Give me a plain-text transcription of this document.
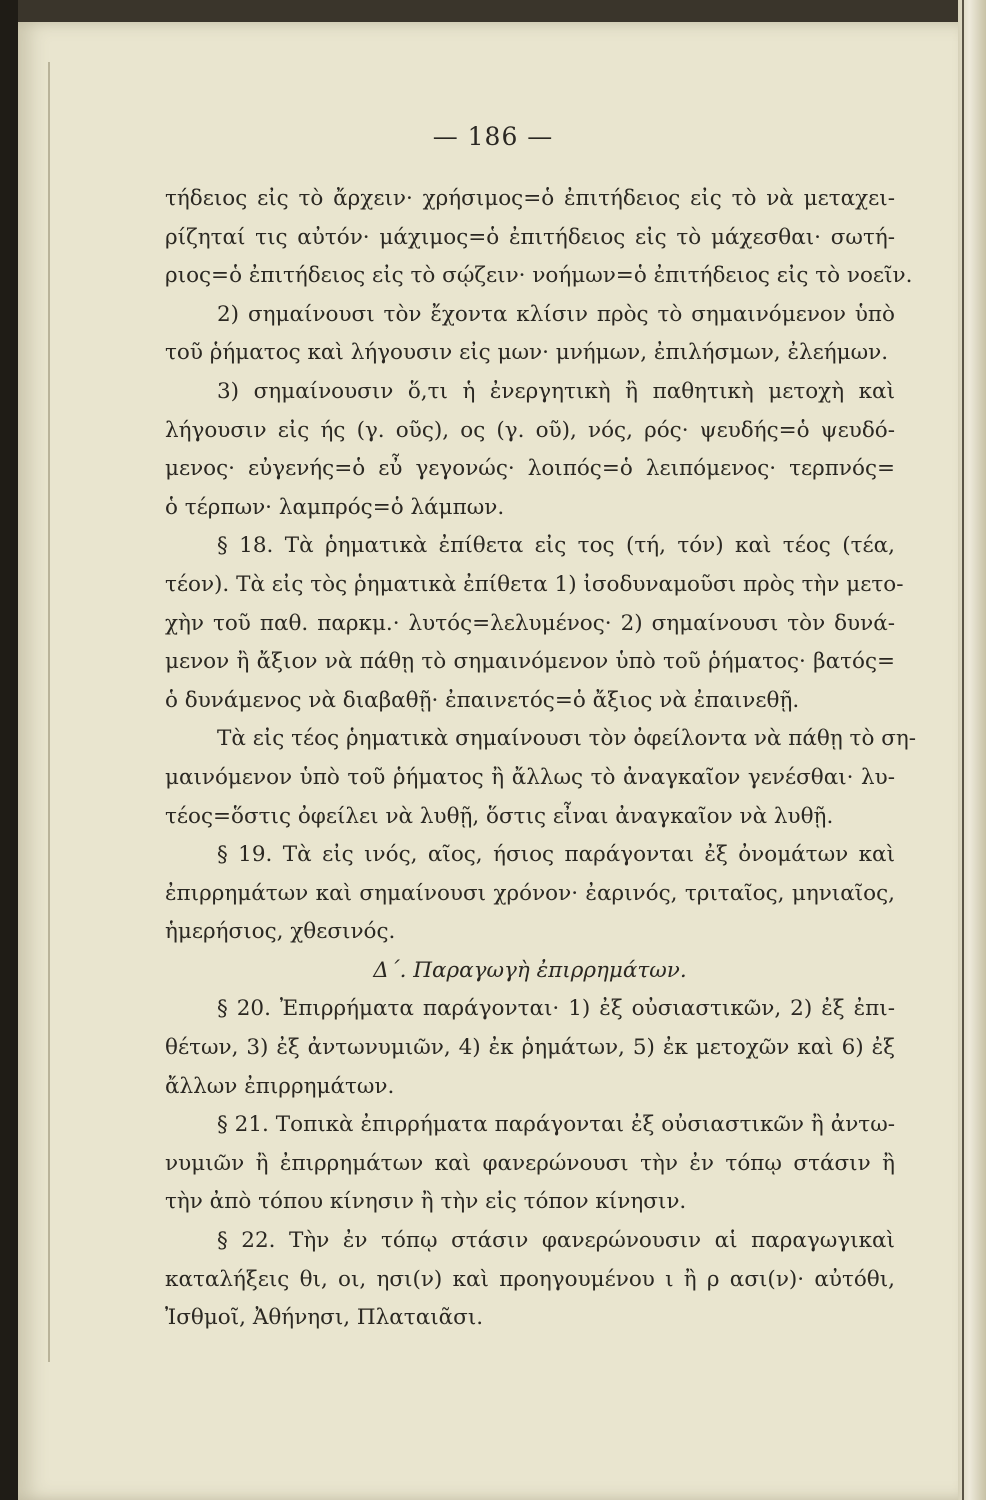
— 186 —
τήδειος εἰς τὸ ἄρχειν· χρήσιμος=ὁ ἐπιτήδειος εἰς τὸ νὰ μεταχει-
ρίζηταί τις αὐτόν· μάχιμος=ὁ ἐπιτήδειος εἰς τὸ μάχεσθαι· σωτή-
ριος=ὁ ἐπιτήδειος εἰς τὸ σῴζειν· νοήμων=ὁ ἐπιτήδειος εἰς τὸ νοεῖν.
2) σημαίνουσι τὸν ἔχοντα κλίσιν πρὸς τὸ σημαινόμενον ὑπὸ
τοῦ ῥήματος καὶ λήγουσιν εἰς μων· μνήμων, ἐπιλήσμων, ἐλεήμων.
3) σημαίνουσιν ὅ,τι ἡ ἐνεργητικὴ ἢ παθητικὴ μετοχὴ καὶ
λήγουσιν εἰς ής (γ. οῦς), ος (γ. οῦ), νός, ρός· ψευδής=ὁ ψευδό-
μενος· εὐγενής=ὁ εὖ γεγονώς· λοιπός=ὁ λειπόμενος· τερπνός=
ὁ τέρπων· λαμπρός=ὁ λάμπων.
§ 18. Τὰ ῥηματικὰ ἐπίθετα εἰς τος (τή, τόν) καὶ τέος (τέα,
τέον). Τὰ εἰς τὸς ῥηματικὰ ἐπίθετα 1) ἰσοδυναμοῦσι πρὸς τὴν μετο-
χὴν τοῦ παθ. παρκμ.· λυτός=λελυμένος· 2) σημαίνουσι τὸν δυνά-
μενον ἢ ἄξιον νὰ πάθῃ τὸ σημαινόμενον ὑπὸ τοῦ ῥήματος· βατός=
ὁ δυνάμενος νὰ διαβαθῇ· ἐπαινετός=ὁ ἄξιος νὰ ἐπαινεθῇ.
Τὰ εἰς τέος ῥηματικὰ σημαίνουσι τὸν ὀφείλοντα νὰ πάθῃ τὸ ση-
μαινόμενον ὑπὸ τοῦ ῥήματος ἢ ἄλλως τὸ ἀναγκαῖον γενέσθαι· λυ-
τέος=ὅστις ὀφείλει νὰ λυθῇ, ὅστις εἶναι ἀναγκαῖον νὰ λυθῇ.
§ 19. Τὰ εἰς ινός, αῖος, ήσιος παράγονται ἐξ ὀνομάτων καὶ
ἐπιρρημάτων καὶ σημαίνουσι χρόνον· ἐαρινός, τριταῖος, μηνιαῖος,
ἡμερήσιος, χθεσινός.
Δ΄. Παραγωγὴ ἐπιρρημάτων.
§ 20. Ἐπιρρήματα παράγονται· 1) ἐξ οὐσιαστικῶν, 2) ἐξ ἐπι-
θέτων, 3) ἐξ ἀντωνυμιῶν, 4) ἐκ ῥημάτων, 5) ἐκ μετοχῶν καὶ 6) ἐξ
ἄλλων ἐπιρρημάτων.
§ 21. Τοπικὰ ἐπιρρήματα παράγονται ἐξ οὐσιαστικῶν ἢ ἀντω-
νυμιῶν ἢ ἐπιρρημάτων καὶ φανερώνουσι τὴν ἐν τόπῳ στάσιν ἢ
τὴν ἀπὸ τόπου κίνησιν ἢ τὴν εἰς τόπον κίνησιν.
§ 22. Τὴν ἐν τόπῳ στάσιν φανερώνουσιν αἱ παραγωγικαὶ
καταλήξεις θι, οι, ησι(ν) καὶ προηγουμένου ι ἢ ρ ασι(ν)· αὐτόθι,
Ἰσθμοῖ, Ἀθήνησι, Πλαταιᾶσι.
